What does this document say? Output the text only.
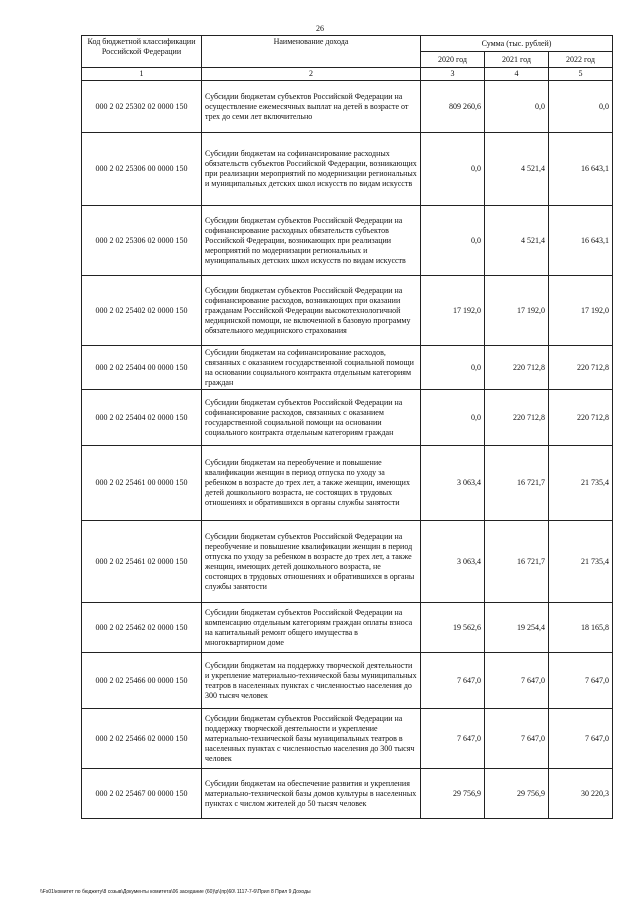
26
Код бюджетной классификации Российской Федерации	Наименование дохода	Сумма (тыс. рублей)		
		2020 год	2021 год	2022 год
1	2	3	4	5
000 2 02 25302 02 0000 150	Субсидии бюджетам субъектов Российской Федерации на осуществление ежемесячных выплат на детей в возрасте от трех до семи лет включительно	809 260,6	0,0	0,0
000 2 02 25306 00 0000 150	Субсидии бюджетам на софинансирование расходных обязательств субъектов Российской Федерации, возникающих при реализации мероприятий по модернизации региональных и муниципальных детских школ искусств по видам искусств	0,0	4 521,4	16 643,1
000 2 02 25306 02 0000 150	Субсидии бюджетам субъектов Российской Федерации на софинансирование расходных обязательств субъектов Российской Федерации, возникающих при реализации мероприятий по модернизации региональных и муниципальных детских школ искусств по видам искусств	0,0	4 521,4	16 643,1
000 2 02 25402 02 0000 150	Субсидии бюджетам субъектов Российской Федерации на софинансирование расходов, возникающих при оказании гражданам Российской Федерации высокотехнологичной медицинской помощи, не включенной в базовую программу обязательного медицинского страхования	17 192,0	17 192,0	17 192,0
000 2 02 25404 00 0000 150	Субсидии бюджетам на софинансирование расходов, связанных с оказанием государственной социальной помощи на основании социального контракта отдельным категориям граждан	0,0	220 712,8	220 712,8
000 2 02 25404 02 0000 150	Субсидии бюджетам субъектов Российской Федерации на софинансирование расходов, связанных с оказанием государственной социальной помощи на основании социального контракта отдельным категориям граждан	0,0	220 712,8	220 712,8
000 2 02 25461 00 0000 150	Субсидии бюджетам на переобучение и повышение квалификации женщин в период отпуска по уходу за ребенком в возрасте до трех лет, а также женщин, имеющих детей дошкольного возраста, не состоящих в трудовых отношениях и обратившихся в органы службы занятости	3 063,4	16 721,7	21 735,4
000 2 02 25461 02 0000 150	Субсидии бюджетам субъектов Российской Федерации на переобучение и повышение квалификации женщин в период отпуска по уходу за ребенком в возрасте до трех лет, а также женщин, имеющих детей дошкольного возраста, не состоящих в трудовых отношениях и обратившихся в органы службы занятости	3 063,4	16 721,7	21 735,4
000 2 02 25462 02 0000 150	Субсидии бюджетам субъектов Российской Федерации на компенсацию отдельным категориям граждан оплаты взноса на капитальный ремонт общего имущества в многоквартирном доме	19 562,6	19 254,4	18 165,8
000 2 02 25466 00 0000 150	Субсидии бюджетам на поддержку творческой деятельности и укрепление материально-технической базы муниципальных театров в населенных пунктах с численностью населения до 300 тысяч человек	7 647,0	7 647,0	7 647,0
000 2 02 25466 02 0000 150	Субсидии бюджетам субъектов Российской Федерации на поддержку творческой деятельности и укрепление материально-технической базы муниципальных театров в населенных пунктах с численностью населения до 300 тысяч человек	7 647,0	7 647,0	7 647,0
000 2 02 25467 00 0000 150	Субсидии бюджетам на обеспечение развития и укрепления материально-технической базы домов культуры в населенных пунктах с числом жителей до 50 тысяч человек	29 756,9	29 756,9	30 220,3
\\Fs01\комитет по бюджету\8 созыв\Документы комитета\06 заседание (60)\р\(пр)60\ 1117-7-6\Прил 8 Прил 9 Доходы
